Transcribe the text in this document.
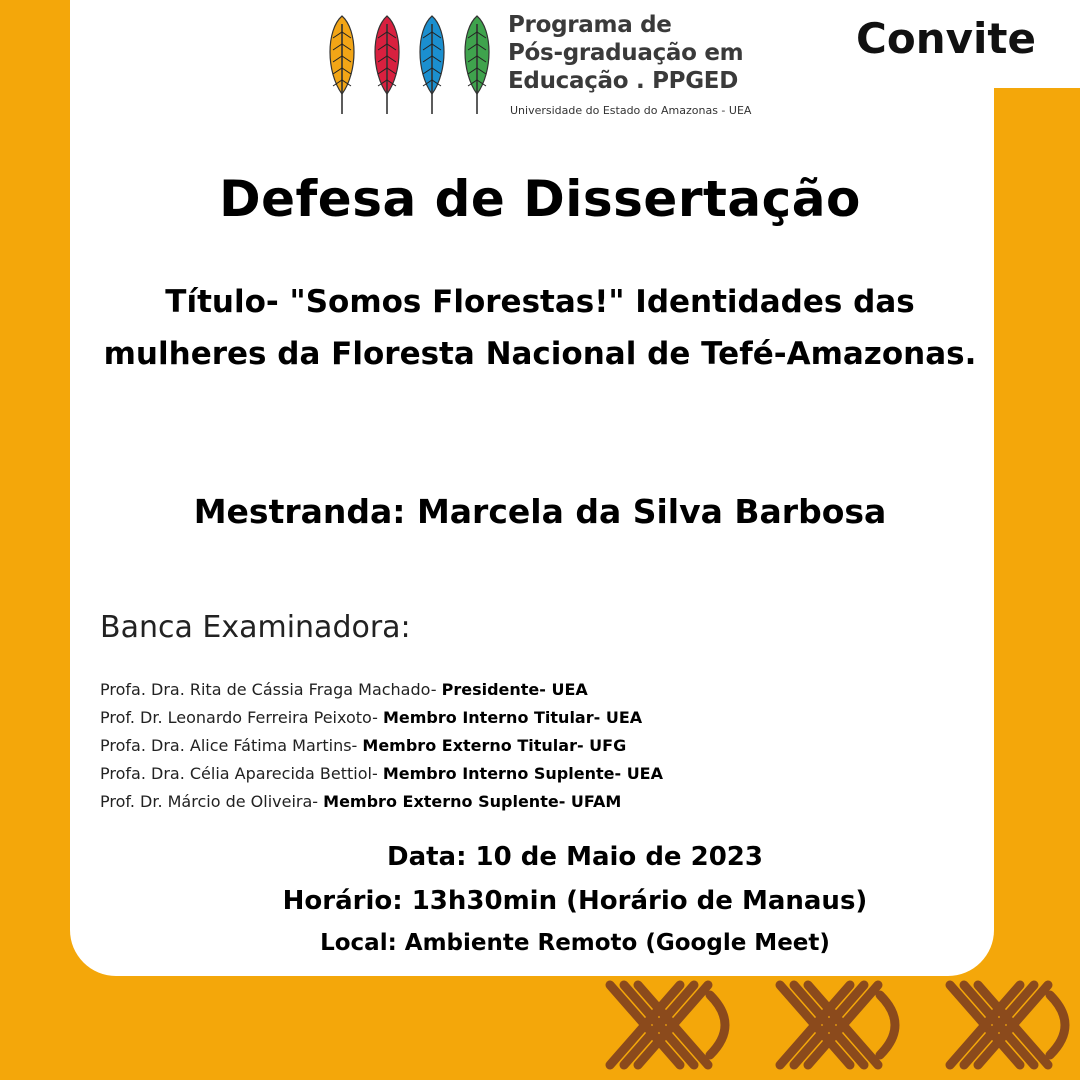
Convite
Programa de
Pós-graduação em
Educação . PPGED
Universidade do Estado do Amazonas - UEA
Defesa de Dissertação
Título- "Somos Florestas!" Identidades das mulheres da Floresta Nacional de Tefé-Amazonas.
Mestranda: Marcela da Silva Barbosa
Banca Examinadora:
Profa. Dra. Rita de Cássia Fraga Machado- Presidente- UEA
Prof. Dr. Leonardo Ferreira Peixoto- Membro Interno Titular- UEA
Profa. Dra. Alice Fátima Martins- Membro Externo Titular- UFG
Profa. Dra. Célia Aparecida Bettiol- Membro Interno Suplente- UEA
Prof. Dr. Márcio de Oliveira- Membro Externo Suplente- UFAM
Data: 10 de Maio de 2023
Horário: 13h30min (Horário de Manaus)
Local: Ambiente Remoto (Google Meet)
